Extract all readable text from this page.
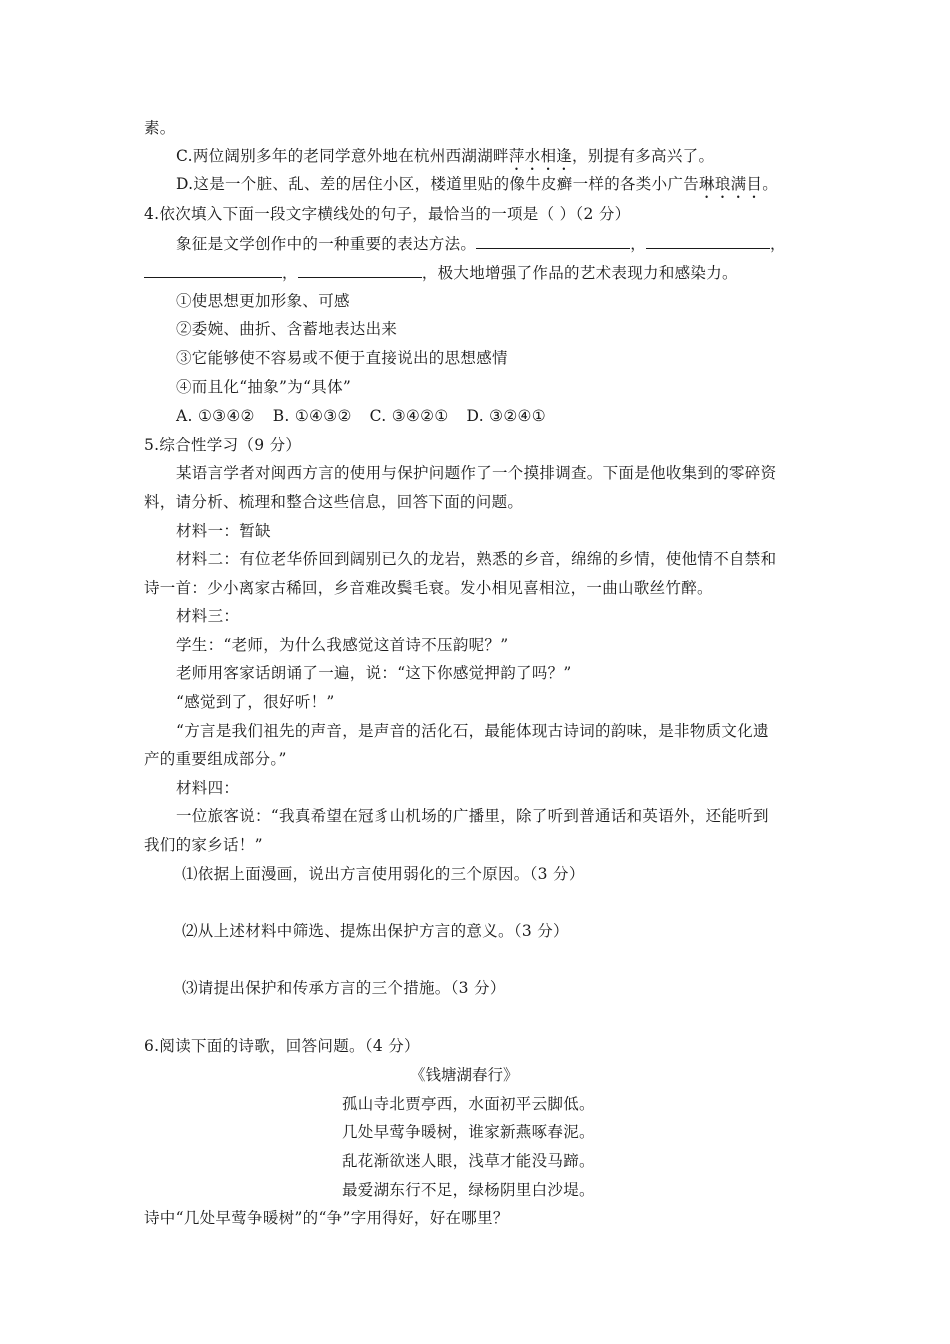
素。
C.两位阔别多年的老同学意外地在杭州西湖湖畔萍水相逢，别提有多高兴了。
D.这是一个脏、乱、差的居住小区，楼道里贴的像牛皮癣一样的各类小广告琳琅满目。
4.依次填入下面一段文字横线处的句子，最恰当的一项是（ ）（2 分）
象征是文学创作中的一种重要的表达方法。	，	，
，	，极大地增强了作品的艺术表现力和感染力。
①使思想更加形象、可感
②委婉、曲折、含蓄地表达出来
③它能够使不容易或不便于直接说出的思想感情
④而且化“抽象”为“具体”
A. ①③④② B. ①④③② C. ③④②① D. ③②④①
5.综合性学习（9 分）
某语言学者对闽西方言的使用与保护问题作了一个摸排调查。下面是他收集到的零碎资
料，请分析、梳理和整合这些信息，回答下面的问题。
材料一：暂缺
材料二：有位老华侨回到阔别已久的龙岩，熟悉的乡音，绵绵的乡情，使他情不自禁和
诗一首：少小离家古稀回，乡音难改鬓毛衰。发小相见喜相泣，一曲山歌丝竹醉。
材料三：
学生：“老师，为什么我感觉这首诗不压韵呢？”
老师用客家话朗诵了一遍，说：“这下你感觉押韵了吗？”
“感觉到了，很好听！”
“方言是我们祖先的声音，是声音的活化石，最能体现古诗词的韵味，是非物质文化遗
产的重要组成部分。”
材料四：
一位旅客说：“我真希望在冠豸山机场的广播里，除了听到普通话和英语外，还能听到
我们的家乡话！”
⑴依据上面漫画，说出方言使用弱化的三个原因。（3 分）
⑵从上述材料中筛选、提炼出保护方言的意义。（3 分）
⑶请提出保护和传承方言的三个措施。（3 分）
6.阅读下面的诗歌，回答问题。（4 分）
《钱塘湖春行》
孤山寺北贾亭西，水面初平云脚低。
几处早莺争暖树，谁家新燕啄春泥。
乱花渐欲迷人眼，浅草才能没马蹄。
最爱湖东行不足，绿杨阴里白沙堤。
诗中“几处早莺争暖树”的“争”字用得好，好在哪里？
